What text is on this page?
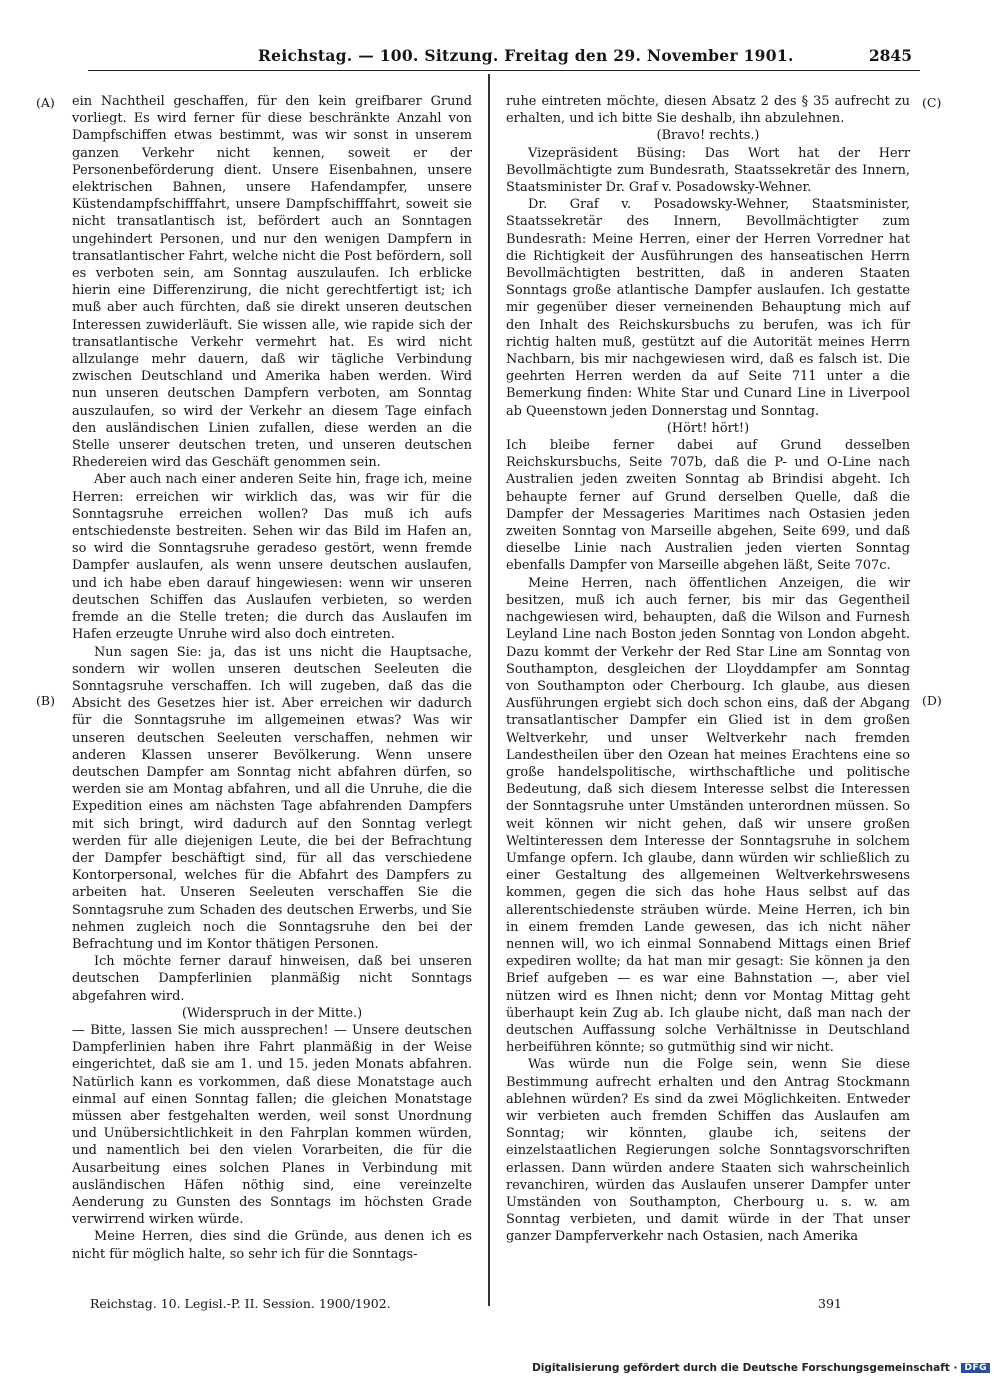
Reichstag. — 100. Sitzung. Freitag den 29. November 1901.	2845
(A)
(B)
(C)
(D)

ein Nachtheil geschaffen, für den kein greifbarer Grund vorliegt. Es wird ferner für diese beschränkte Anzahl von Dampfschiffen etwas bestimmt, was wir sonst in unserem ganzen Verkehr nicht kennen, soweit er der Personenbeförderung dient. Unsere Eisenbahnen, unsere elektrischen Bahnen, unsere Hafendampfer, unsere Küstendampfschifffahrt, unsere Dampfschifffahrt, soweit sie nicht transatlantisch ist, befördert auch an Sonntagen ungehindert Personen, und nur den wenigen Dampfern in transatlantischer Fahrt, welche nicht die Post befördern, soll es verboten sein, am Sonntag auszulaufen. Ich erblicke hierin eine Differenzirung, die nicht gerechtfertigt ist; ich muß aber auch fürchten, daß sie direkt unseren deutschen Interessen zuwiderläuft. Sie wissen alle, wie rapide sich der transatlantische Verkehr vermehrt hat. Es wird nicht allzulange mehr dauern, daß wir tägliche Verbindung zwischen Deutschland und Amerika haben werden. Wird nun unseren deutschen Dampfern verboten, am Sonntag auszulaufen, so wird der Verkehr an diesem Tage einfach den ausländischen Linien zufallen, diese werden an die Stelle unserer deutschen treten, und unseren deutschen Rhedereien wird das Geschäft genommen sein.

Aber auch nach einer anderen Seite hin, frage ich, meine Herren: erreichen wir wirklich das, was wir für die Sonntagsruhe erreichen wollen? Das muß ich aufs entschiedenste bestreiten. Sehen wir das Bild im Hafen an, so wird die Sonntagsruhe geradeso gestört, wenn fremde Dampfer auslaufen, als wenn unsere deutschen auslaufen, und ich habe eben darauf hingewiesen: wenn wir unseren deutschen Schiffen das Auslaufen verbieten, so werden fremde an die Stelle treten; die durch das Auslaufen im Hafen erzeugte Unruhe wird also doch eintreten.

Nun sagen Sie: ja, das ist uns nicht die Hauptsache, sondern wir wollen unseren deutschen Seeleuten die Sonntagsruhe verschaffen. Ich will zugeben, daß das die Absicht des Gesetzes hier ist. Aber erreichen wir dadurch für die Sonntagsruhe im allgemeinen etwas? Was wir unseren deutschen Seeleuten verschaffen, nehmen wir anderen Klassen unserer Bevölkerung. Wenn unsere deutschen Dampfer am Sonntag nicht abfahren dürfen, so werden sie am Montag abfahren, und all die Unruhe, die die Expedition eines am nächsten Tage abfahrenden Dampfers mit sich bringt, wird dadurch auf den Sonntag verlegt werden für alle diejenigen Leute, die bei der Befrachtung der Dampfer beschäftigt sind, für all das verschiedene Kontorpersonal, welches für die Abfahrt des Dampfers zu arbeiten hat. Unseren Seeleuten verschaffen Sie die Sonntagsruhe zum Schaden des deutschen Erwerbs, und Sie nehmen zugleich noch die Sonntagsruhe den bei der Befrachtung und im Kontor thätigen Personen.

Ich möchte ferner darauf hinweisen, daß bei unseren deutschen Dampferlinien planmäßig nicht Sonntags abgefahren wird.

(Widerspruch in der Mitte.)

— Bitte, lassen Sie mich aussprechen! — Unsere deutschen Dampferlinien haben ihre Fahrt planmäßig in der Weise eingerichtet, daß sie am 1. und 15. jeden Monats abfahren. Natürlich kann es vorkommen, daß diese Monatstage auch einmal auf einen Sonntag fallen; die gleichen Monatstage müssen aber festgehalten werden, weil sonst Unordnung und Unübersichtlichkeit in den Fahrplan kommen würden, und namentlich bei den vielen Vorarbeiten, die für die Ausarbeitung eines solchen Planes in Verbindung mit ausländischen Häfen nöthig sind, eine vereinzelte Aenderung zu Gunsten des Sonntags im höchsten Grade verwirrend wirken würde.

Meine Herren, dies sind die Gründe, aus denen ich es nicht für möglich halte, so sehr ich für die Sonntags-

ruhe eintreten möchte, diesen Absatz 2 des § 35 aufrecht zu erhalten, und ich bitte Sie deshalb, ihn abzulehnen.

(Bravo! rechts.)

Vizepräsident Büsing: Das Wort hat der Herr Bevollmächtigte zum Bundesrath, Staatssekretär des Innern, Staatsminister Dr. Graf v. Posadowsky-Wehner.

Dr. Graf v. Posadowsky-Wehner, Staatsminister, Staatssekretär des Innern, Bevollmächtigter zum Bundesrath: Meine Herren, einer der Herren Vorredner hat die Richtigkeit der Ausführungen des hanseatischen Herrn Bevollmächtigten bestritten, daß in anderen Staaten Sonntags große atlantische Dampfer auslaufen. Ich gestatte mir gegenüber dieser verneinenden Behauptung mich auf den Inhalt des Reichskursbuchs zu berufen, was ich für richtig halten muß, gestützt auf die Autorität meines Herrn Nachbarn, bis mir nachgewiesen wird, daß es falsch ist. Die geehrten Herren werden da auf Seite 711 unter a die Bemerkung finden: White Star und Cunard Line in Liverpool ab Queenstown jeden Donnerstag und Sonntag.

(Hört! hört!)

Ich bleibe ferner dabei auf Grund desselben Reichskursbuchs, Seite 707b, daß die P- und O-Line nach Australien jeden zweiten Sonntag ab Brindisi abgeht. Ich behaupte ferner auf Grund derselben Quelle, daß die Dampfer der Messageries Maritimes nach Ostasien jeden zweiten Sonntag von Marseille abgehen, Seite 699, und daß dieselbe Linie nach Australien jeden vierten Sonntag ebenfalls Dampfer von Marseille abgehen läßt, Seite 707c.

Meine Herren, nach öffentlichen Anzeigen, die wir besitzen, muß ich auch ferner, bis mir das Gegentheil nachgewiesen wird, behaupten, daß die Wilson and Furnesh Leyland Line nach Boston jeden Sonntag von London abgeht. Dazu kommt der Verkehr der Red Star Line am Sonntag von Southampton, desgleichen der Lloyddampfer am Sonntag von Southampton oder Cherbourg. Ich glaube, aus diesen Ausführungen ergiebt sich doch schon eins, daß der Abgang transatlantischer Dampfer ein Glied ist in dem großen Weltverkehr, und unser Weltverkehr nach fremden Landestheilen über den Ozean hat meines Erachtens eine so große handelspolitische, wirthschaftliche und politische Bedeutung, daß sich diesem Interesse selbst die Interessen der Sonntagsruhe unter Umständen unterordnen müssen. So weit können wir nicht gehen, daß wir unsere großen Weltinteressen dem Interesse der Sonntagsruhe in solchem Umfange opfern. Ich glaube, dann würden wir schließlich zu einer Gestaltung des allgemeinen Weltverkehrswesens kommen, gegen die sich das hohe Haus selbst auf das allerentschiedenste sträuben würde. Meine Herren, ich bin in einem fremden Lande gewesen, das ich nicht näher nennen will, wo ich einmal Sonnabend Mittags einen Brief expediren wollte; da hat man mir gesagt: Sie können ja den Brief aufgeben — es war eine Bahnstation —, aber viel nützen wird es Ihnen nicht; denn vor Montag Mittag geht überhaupt kein Zug ab. Ich glaube nicht, daß man nach der deutschen Auffassung solche Verhältnisse in Deutschland herbeiführen könnte; so gutmüthig sind wir nicht.

Was würde nun die Folge sein, wenn Sie diese Bestimmung aufrecht erhalten und den Antrag Stockmann ablehnen würden? Es sind da zwei Möglichkeiten. Entweder wir verbieten auch fremden Schiffen das Auslaufen am Sonntag; wir könnten, glaube ich, seitens der einzelstaatlichen Regierungen solche Sonntagsvorschriften erlassen. Dann würden andere Staaten sich wahrscheinlich revanchiren, würden das Auslaufen unserer Dampfer unter Umständen von Southampton, Cherbourg u. s. w. am Sonntag verbieten, und damit würde in der That unser ganzer Dampferverkehr nach Ostasien, nach Amerika

Reichstag. 10. Legisl.-P. II. Session. 1900/1902.	391
Digitalisierung gefördert durch die Deutsche Forschungsgemeinschaft · DFG
